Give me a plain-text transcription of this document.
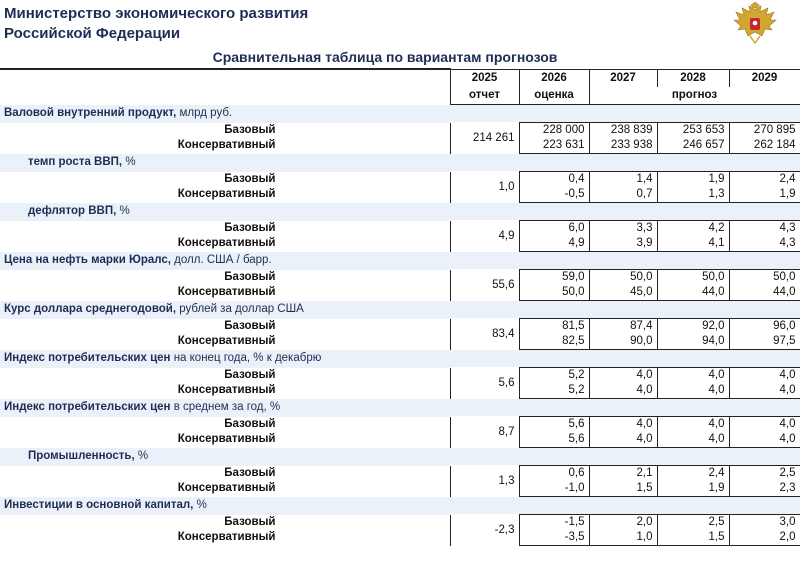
Министерство экономического развития
Российской Федерации
Сравнительная таблица по вариантам прогнозов
	2025	2026	2027	2028	2029
	отчет	оценка	прогноз		
Валовой внутренний продукт, млрд руб.					
Базовый	214 261	228 000	238 839	253 653	270 895
Консервативный		223 631	233 938	246 657	262 184
темп роста ВВП, %					
Базовый	1,0	0,4	1,4	1,9	2,4
Консервативный		-0,5	0,7	1,3	1,9
дефлятор ВВП, %					
Базовый	4,9	6,0	3,3	4,2	4,3
Консервативный		4,9	3,9	4,1	4,3
Цена на нефть марки Юралс, долл. США / барр.					
Базовый	55,6	59,0	50,0	50,0	50,0
Консервативный		50,0	45,0	44,0	44,0
Курс доллара среднегодовой, рублей за доллар США					
Базовый	83,4	81,5	87,4	92,0	96,0
Консервативный		82,5	90,0	94,0	97,5
Индекс потребительских цен на конец года, % к декабрю					
Базовый	5,6	5,2	4,0	4,0	4,0
Консервативный		5,2	4,0	4,0	4,0
Индекс потребительских цен в среднем за год, %					
Базовый	8,7	5,6	4,0	4,0	4,0
Консервативный		5,6	4,0	4,0	4,0
Промышленность, %					
Базовый	1,3	0,6	2,1	2,4	2,5
Консервативный		-1,0	1,5	1,9	2,3
Инвестиции в основной капитал, %					
Базовый	-2,3	-1,5	2,0	2,5	3,0
Консервативный		-3,5	1,0	1,5	2,0
